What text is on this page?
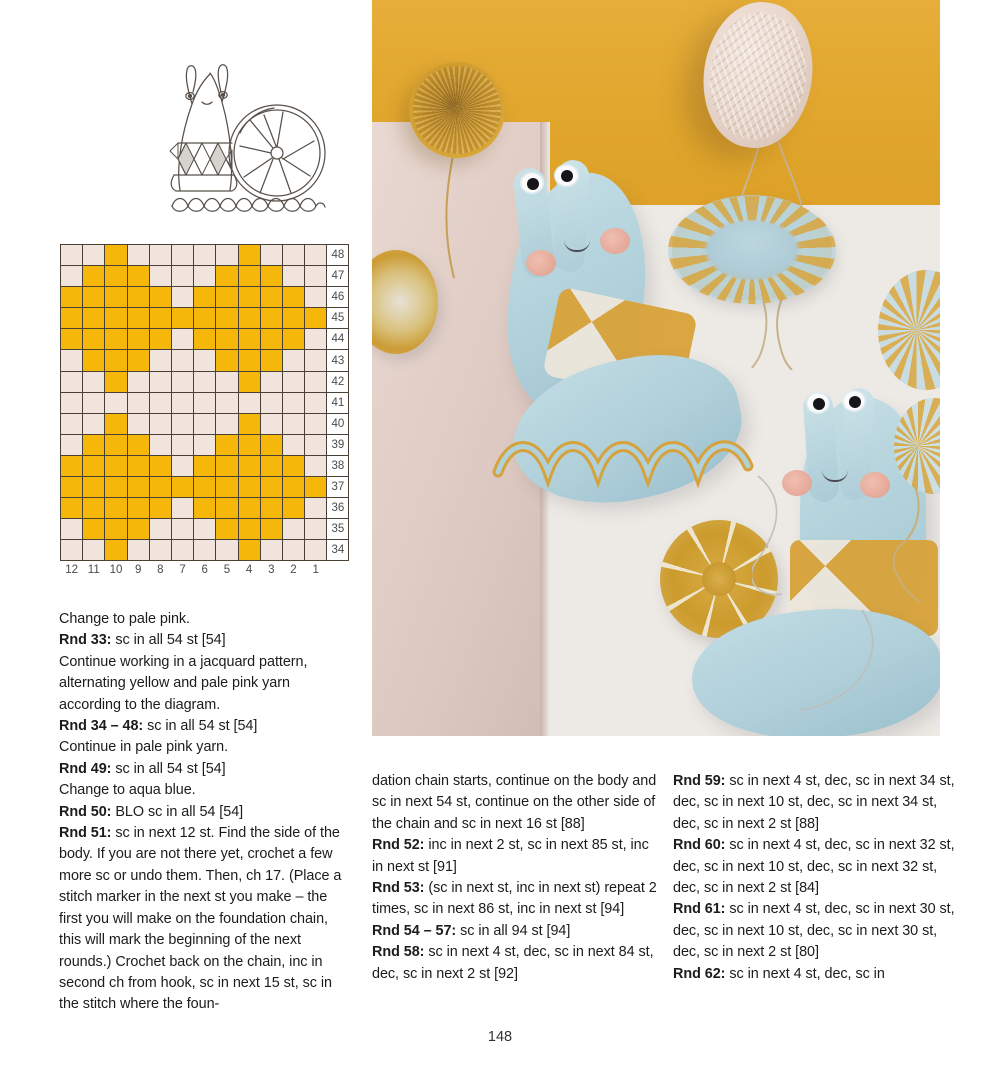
												48
												47
												46
												45
												44
												43
												42
												41
												40
												39
												38
												37
												36
												35
												34
12	11	10	9	8	7	6	5	4	3	2	1	

Change to pale pink.

Rnd 33: sc in all 54 st [54]

Continue working in a jacquard pattern, alternating yellow and pale pink yarn according to the diagram.

Rnd 34 – 48: sc in all 54 st [54]

Continue in pale pink yarn.

Rnd 49: sc in all 54 st [54]

Change to aqua blue.

Rnd 50: BLO sc in all 54 [54]

Rnd 51: sc in next 12 st. Find the side of the body. If you are not there yet, crochet a few more sc or undo them. Then, ch 17. (Place a stitch marker in the next st you make – the first you will make on the foundation chain, this will mark the beginning of the next rounds.) Crochet back on the chain, inc in second ch from hook, sc in next 15 st, sc in the stitch where the foun-

dation chain starts, continue on the body and sc in next 54 st, continue on the other side of the chain and sc in next 16 st [88]

Rnd 52: inc in next 2 st, sc in next 85 st, inc in next st [91]

Rnd 53: (sc in next st, inc in next st) repeat 2 times, sc in next 86 st, inc in next st [94]

Rnd 54 – 57: sc in all 94 st [94]

Rnd 58: sc in next 4 st, dec, sc in next 84 st, dec, sc in next 2 st [92]

Rnd 59: sc in next 4 st, dec, sc in next 34 st, dec, sc in next 10 st, dec, sc in next 34 st, dec, sc in next 2 st [88]

Rnd 60: sc in next 4 st, dec, sc in next 32 st, dec, sc in next 10 st, dec, sc in next 32 st, dec, sc in next 2 st [84]

Rnd 61: sc in next 4 st, dec, sc in next 30 st, dec, sc in next 10 st, dec, sc in next 30 st, dec, sc in next 2 st [80]

Rnd 62: sc in next 4 st, dec, sc in

148
